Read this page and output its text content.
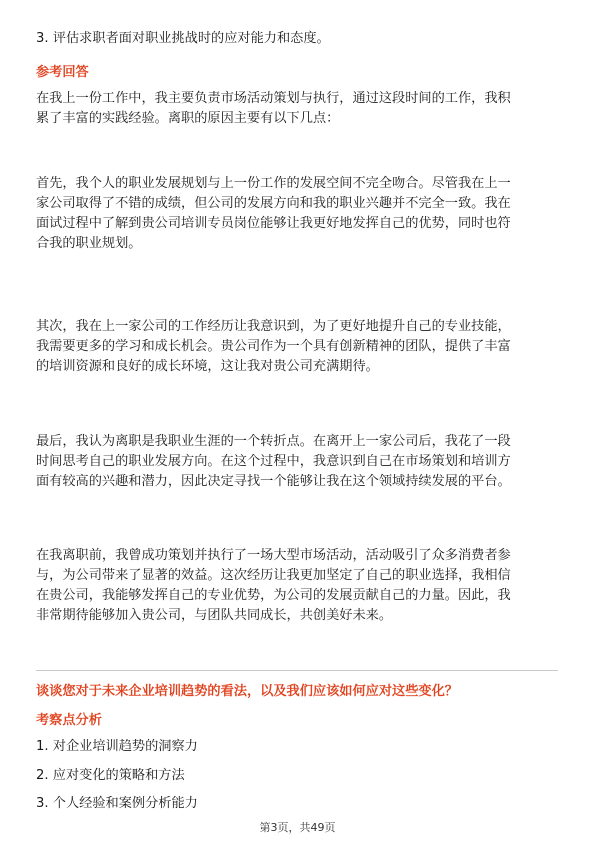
3. 评估求职者面对职业挑战时的应对能力和态度。

参考回答

在我上一份工作中，我主要负责市场活动策划与执行，通过这段时间的工作，我积

累了丰富的实践经验。离职的原因主要有以下几点：

首先，我个人的职业发展规划与上一份工作的发展空间不完全吻合。尽管我在上一

家公司取得了不错的成绩，但公司的发展方向和我的职业兴趣并不完全一致。我在

面试过程中了解到贵公司培训专员岗位能够让我更好地发挥自己的优势，同时也符

合我的职业规划。

其次，我在上一家公司的工作经历让我意识到，为了更好地提升自己的专业技能，

我需要更多的学习和成长机会。贵公司作为一个具有创新精神的团队，提供了丰富

的培训资源和良好的成长环境，这让我对贵公司充满期待。

最后，我认为离职是我职业生涯的一个转折点。在离开上一家公司后，我花了一段

时间思考自己的职业发展方向。在这个过程中，我意识到自己在市场策划和培训方

面有较高的兴趣和潜力，因此决定寻找一个能够让我在这个领域持续发展的平台。

在我离职前，我曾成功策划并执行了一场大型市场活动，活动吸引了众多消费者参

与，为公司带来了显著的效益。这次经历让我更加坚定了自己的职业选择，我相信

在贵公司，我能够发挥自己的专业优势，为公司的发展贡献自己的力量。因此，我

非常期待能够加入贵公司，与团队共同成长，共创美好未来。

谈谈您对于未来企业培训趋势的看法，以及我们应该如何应对这些变化？

考察点分析

1. 对企业培训趋势的洞察力

2. 应对变化的策略和方法

3. 个人经验和案例分析能力

第3页，共49页
